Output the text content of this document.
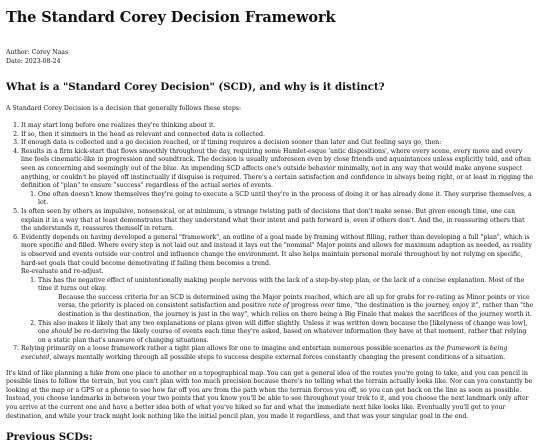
The Standard Corey Decision Framework
Author: Corey Naas
Date: 2023-08-24
What is a "Standard Corey Decision" (SCD), and why is it distinct?

A Standard Corey Decision is a decision that generally follows these steps:

1. It may start long before one realizes they're thinking about it.
2. If so, then it simmers in the head as relevant and connected data is collected.
3. If enough data is collected and a go decision reached, or if timing requires a decision sooner than later and Gut feeling says go, then:
4. Results in a firm kick-start that flows smoothly throughout the day, requiring some Hamlet-esque 'antic dispositions', where every scene, every move and every line feels cinematic-like in progression and soundtrack. The decision is usually unforeseen even by close friends and aquaintances unless explicitly told, and often seen as concerning and seemingly out of the blue. An impending SCD affects one's outside behavior minimally, not in any way that would make anyone suspect anything, or couldn't be played off instinctually if disguise is required. There's a certain satisfaction and confidence in always being right, or at least in rigging the definition of "plan" to ensure "success" regardless of the actual series of events.
1. One often doesn't know themselves they're going to execute a SCD until they're in the process of doing it or has already done it. They surprise themselves, a lot.
5. Is often seen by others as impulsive, nonsensical, or at minimum, a strange twisting path of decisions that don't make sense. But given enough time, one can explain it in a way that at least demonstrates that they understand what their intent and path forward is, even if others don't. And the, in reassuring others that the understands it, reassures themself in return.
6. Evidently depends on having developed a general "framework", an outline of a goal made by framing without filling, rather than developing a full "plan", which is more specific and filled. Where every step is not laid out and instead it lays out the "nominal" Major points and allows for maximum adaption as needed, as reality is observed and events outside our control and influence change the environment. It also helps maintain personal morale throughout by not relying on specific, hard-set goals that could become demotivating if failing them becomes a trend.
Re-evaluate and re-adjust.
1. This has the negative effect of unintentionally making people nervous with the lack of a step-by-step plan, or the lack of a concise explanation. Most of the time it turns out okay.
Because the success criteria for an SCD is determined using the Major points reached, which are all up for grabs for re-rating as Minor points or vice versa, the priority is placed on consistent satisfaction and positive rate of progress over time, "the destination is the journey, enjoy it", rather than "the destination is the destination, the journey is just in the way", which relies on there being a Big Finale that makes the sacrifices of the journey worth it.
2. This also makes it likely that any two explanations or plans given will differ slightly. Unless it was written down because the [likelyness of change was low], one should be re-deriving the likely course of events each time they're asked, based on whatever information they have at that moment, rather that relying on a static plan that's unaware of changing situations.
7. Relying primarily on a loose framework rather a tight plan allows for one to imagine and entertain numerous possible scenarios as the framework is being executed, always mentally working through all possible steps to success despite external forces constantly changing the present conditions of a situation.

It's kind of like planning a hike from one place to another on a topographical map. You can get a general idea of the routes you're going to take, and you can pencil in possible lines to follow the terrain, but you can't plan with too much precision because there's no telling what the terrain actually looks like. Nor can you constantly be looking at the map or a GPS or a phone to see how far off you are from the path when the terrain forces you off, so you can get back on the line as soon as possible. Instead, you choose landmarks in between your two points that you know you'll be able to see throughout your trek to it, and you choose the next landmark only after you arrive at the current one and have a better idea both of what you've hiked so far and what the immediate next hike looks like. Eventually you'll get to your destination, and while your track might look nothing like the initial pencil plan, you made it regardless, and that was your singular goal in the end.

Previous SCDs:
